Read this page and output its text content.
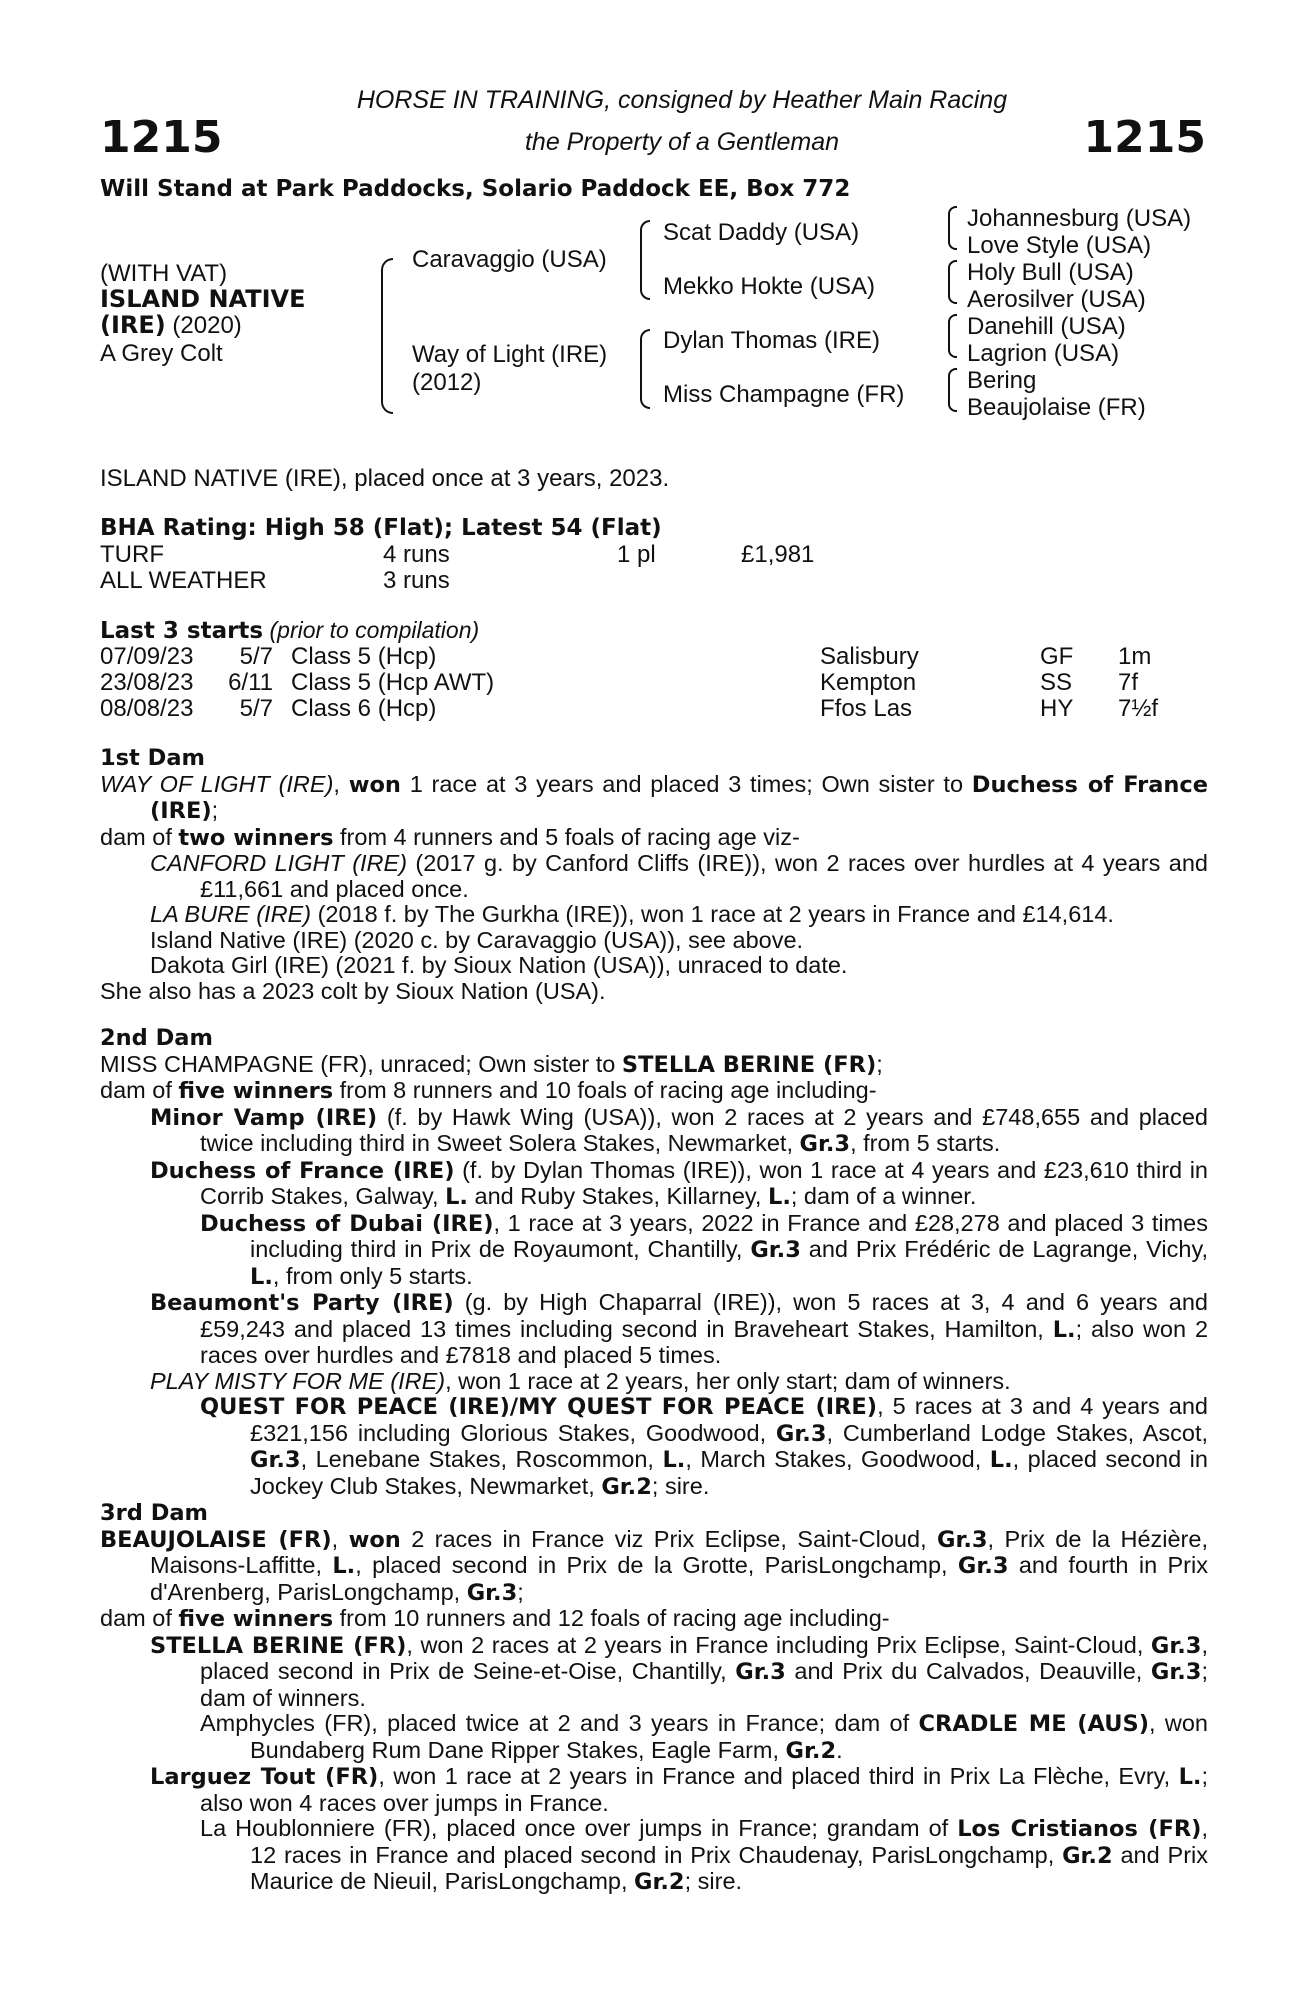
1215	1215
HORSE IN TRAINING, consigned by Heather Main Racing
the Property of a Gentleman
Will Stand at Park Paddocks, Solario Paddock EE, Box 772
(WITH VAT)
ISLAND NATIVE
(IRE) (2020)
A Grey Colt
Caravaggio (USA)
Way of Light (IRE)
(2012)
Scat Daddy (USA)
Mekko Hokte (USA)
Dylan Thomas (IRE)
Miss Champagne (FR)
Johannesburg (USA)
Love Style (USA)
Holy Bull (USA)
Aerosilver (USA)
Danehill (USA)
Lagrion (USA)
Bering
Beaujolaise (FR)
ISLAND NATIVE (IRE), placed once at 3 years, 2023.
BHA Rating: High 58 (Flat); Latest 54 (Flat)
TURF	4 runs	1 pl	£1,981
ALL WEATHER	3 runs
Last 3 starts (prior to compilation)
07/09/23	5/7 Class 5 (Hcp)	Salisbury	GF 1m
23/08/23 6/11 Class 5 (Hcp AWT)	Kempton	SS 7f
08/08/23	5/7 Class 6 (Hcp)	Ffos Las	HY 7½f

1st Dam

WAY OF LIGHT (IRE), won 1 race at 3 years and placed 3 times; Own sister to Duchess of France (IRE);

dam of two winners from 4 runners and 5 foals of racing age viz-

CANFORD LIGHT (IRE) (2017 g. by Canford Cliffs (IRE)), won 2 races over hurdles at 4 years and £11,661 and placed once.

LA BURE (IRE) (2018 f. by The Gurkha (IRE)), won 1 race at 2 years in France and £14,614.

Island Native (IRE) (2020 c. by Caravaggio (USA)), see above.

Dakota Girl (IRE) (2021 f. by Sioux Nation (USA)), unraced to date.

She also has a 2023 colt by Sioux Nation (USA).

2nd Dam

MISS CHAMPAGNE (FR), unraced; Own sister to STELLA BERINE (FR);

dam of five winners from 8 runners and 10 foals of racing age including-

Minor Vamp (IRE) (f. by Hawk Wing (USA)), won 2 races at 2 years and £748,655 and placed twice including third in Sweet Solera Stakes, Newmarket, Gr.3, from 5 starts.

Duchess of France (IRE) (f. by Dylan Thomas (IRE)), won 1 race at 4 years and £23,610 third in Corrib Stakes, Galway, L. and Ruby Stakes, Killarney, L.; dam of a winner.

Duchess of Dubai (IRE), 1 race at 3 years, 2022 in France and £28,278 and placed 3 times including third in Prix de Royaumont, Chantilly, Gr.3 and Prix Frédéric de Lagrange, Vichy, L., from only 5 starts.

Beaumont's Party (IRE) (g. by High Chaparral (IRE)), won 5 races at 3, 4 and 6 years and £59,243 and placed 13 times including second in Braveheart Stakes, Hamilton, L.; also won 2 races over hurdles and £7818 and placed 5 times.

PLAY MISTY FOR ME (IRE), won 1 race at 2 years, her only start; dam of winners.

QUEST FOR PEACE (IRE)/MY QUEST FOR PEACE (IRE), 5 races at 3 and 4 years and £321,156 including Glorious Stakes, Goodwood, Gr.3, Cumberland Lodge Stakes, Ascot, Gr.3, Lenebane Stakes, Roscommon, L., March Stakes, Goodwood, L., placed second in Jockey Club Stakes, Newmarket, Gr.2; sire.

3rd Dam

BEAUJOLAISE (FR), won 2 races in France viz Prix Eclipse, Saint-Cloud, Gr.3, Prix de la Hézière, Maisons-Laffitte, L., placed second in Prix de la Grotte, ParisLongchamp, Gr.3 and fourth in Prix d'Arenberg, ParisLongchamp, Gr.3;

dam of five winners from 10 runners and 12 foals of racing age including-

STELLA BERINE (FR), won 2 races at 2 years in France including Prix Eclipse, Saint-Cloud, Gr.3, placed second in Prix de Seine-et-Oise, Chantilly, Gr.3 and Prix du Calvados, Deauville, Gr.3; dam of winners.

Amphycles (FR), placed twice at 2 and 3 years in France; dam of CRADLE ME (AUS), won Bundaberg Rum Dane Ripper Stakes, Eagle Farm, Gr.2.

Larguez Tout (FR), won 1 race at 2 years in France and placed third in Prix La Flèche, Evry, L.; also won 4 races over jumps in France.

La Houblonniere (FR), placed once over jumps in France; grandam of Los Cristianos (FR), 12 races in France and placed second in Prix Chaudenay, ParisLongchamp, Gr.2 and Prix Maurice de Nieuil, ParisLongchamp, Gr.2; sire.
